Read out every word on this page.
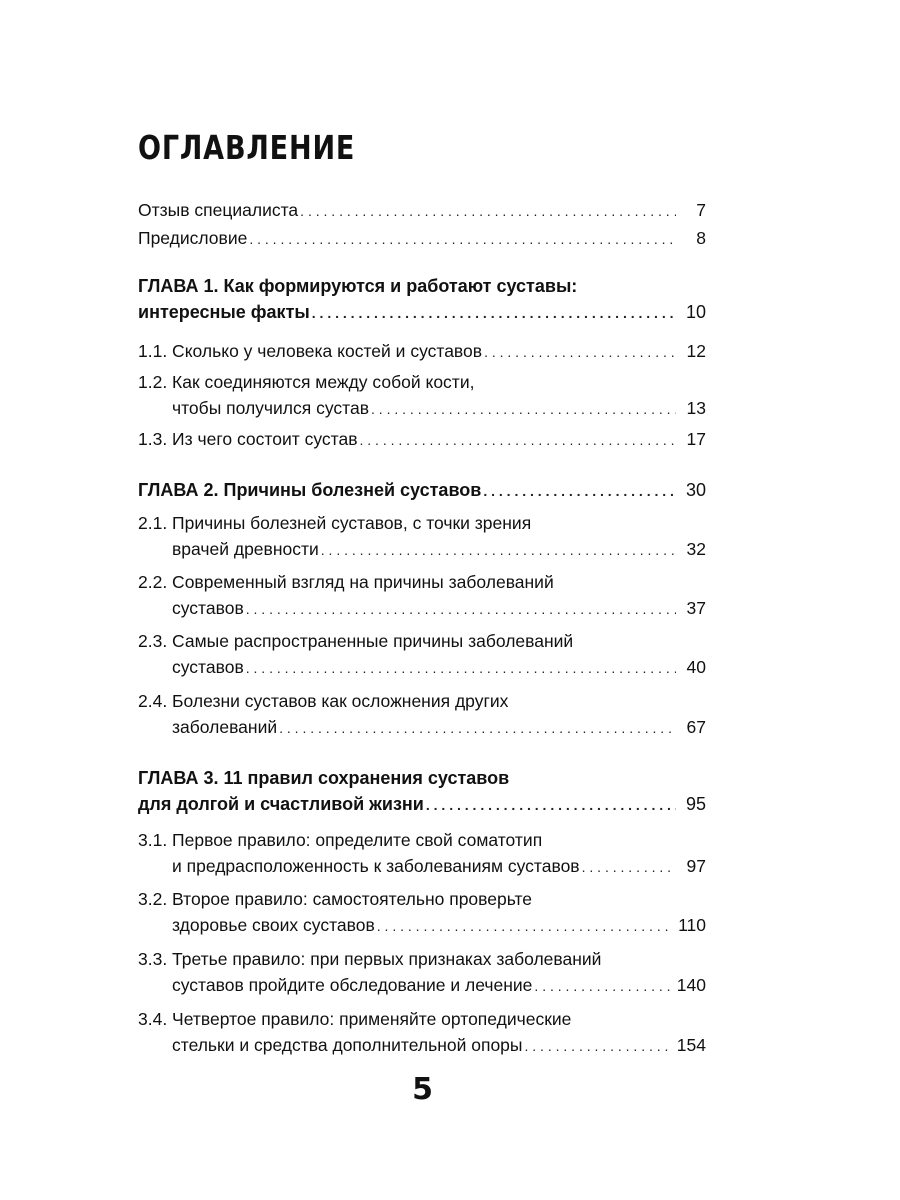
ОГЛАВЛЕНИЕ
Отзыв специалиста . . .	7
Предисловие . . .	8
ГЛАВА 1. Как формируются и работают суставы:
интересные факты . . .	10
1.1. Сколько у человека костей и суставов . . .	12
1.2. Как соединяются между собой кости,
чтобы получился сустав . . .	13
1.3. Из чего состоит сустав . . .	17
ГЛАВА 2. Причины болезней суставов . . .	30
2.1. Причины болезней суставов, с точки зрения
врачей древности . . .	32
2.2. Современный взгляд на причины заболеваний
суставов . . .	37
2.3. Самые распространенные причины заболеваний
суставов . . .	40
2.4. Болезни суставов как осложнения других
заболеваний . . .	67
ГЛАВА 3. 11 правил сохранения суставов
для долгой и счастливой жизни . . .	95
3.1. Первое правило: определите свой соматотип
и предрасположенность к заболеваниям суставов . . .	97
3.2. Второе правило: самостоятельно проверьте
здоровье своих суставов . . .	110
3.3. Третье правило: при первых признаках заболеваний
суставов пройдите обследование и лечение . . .	140
3.4. Четвертое правило: применяйте ортопедические
стельки и средства дополнительной опоры . . .	154
5
